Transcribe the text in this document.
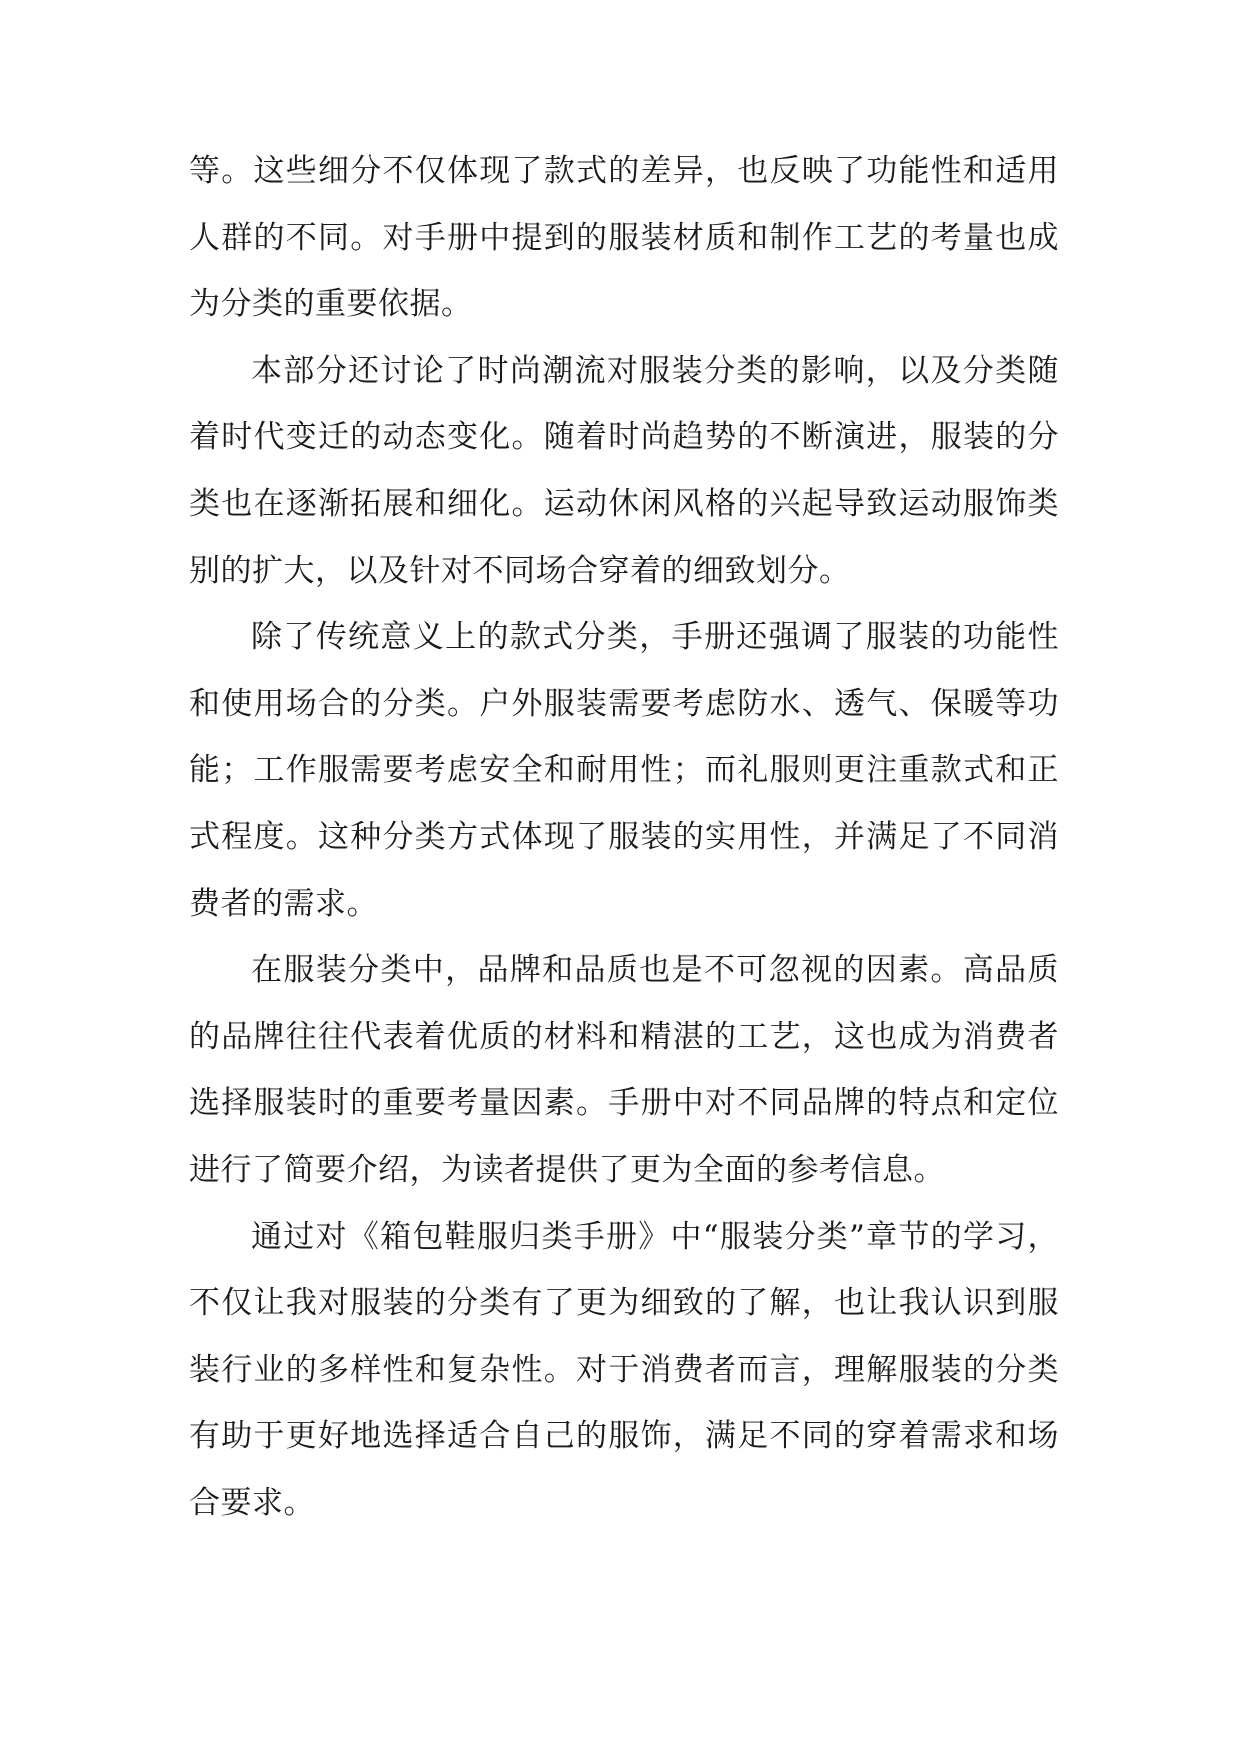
等。这些细分不仅体现了款式的差异，也反映了功能性和适用人群的不同。对手册中提到的服装材质和制作工艺的考量也成为分类的重要依据。

本部分还讨论了时尚潮流对服装分类的影响，以及分类随着时代变迁的动态变化。随着时尚趋势的不断演进，服装的分类也在逐渐拓展和细化。运动休闲风格的兴起导致运动服饰类别的扩大，以及针对不同场合穿着的细致划分。

除了传统意义上的款式分类，手册还强调了服装的功能性和使用场合的分类。户外服装需要考虑防水、透气、保暖等功能；工作服需要考虑安全和耐用性；而礼服则更注重款式和正式程度。这种分类方式体现了服装的实用性，并满足了不同消费者的需求。

在服装分类中，品牌和品质也是不可忽视的因素。高品质的品牌往往代表着优质的材料和精湛的工艺，这也成为消费者选择服装时的重要考量因素。手册中对不同品牌的特点和定位进行了简要介绍，为读者提供了更为全面的参考信息。

通过对《箱包鞋服归类手册》中“服装分类”章节的学习，不仅让我对服装的分类有了更为细致的了解，也让我认识到服装行业的多样性和复杂性。对于消费者而言，理解服装的分类有助于更好地选择适合自己的服饰，满足不同的穿着需求和场合要求。
